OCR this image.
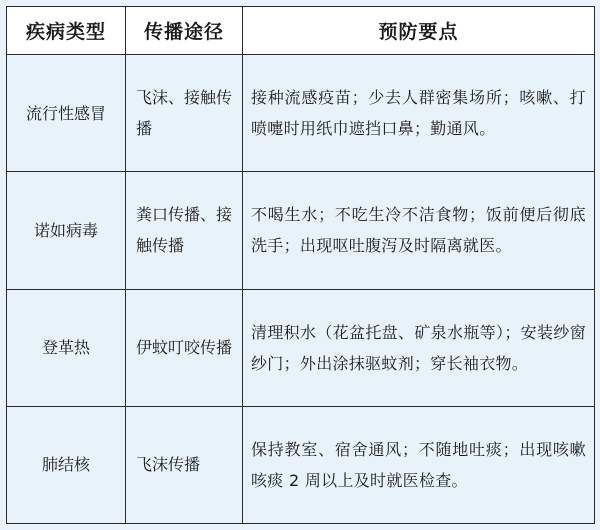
疾病类型	传播途径	预防要点
流行性感冒	飞沫、接触传播	接种流感疫苗；少去人群密集场所；咳嗽、打喷嚏时用纸巾遮挡口鼻；勤通风。
诺如病毒	粪口传播、接触传播	不喝生水；不吃生冷不洁食物；饭前便后彻底洗手；出现呕吐腹泻及时隔离就医。
登革热	伊蚊叮咬传播	清理积水（花盆托盘、矿泉水瓶等）；安装纱窗纱门；外出涂抹驱蚊剂；穿长袖衣物。
肺结核	飞沫传播	保持教室、宿舍通风；不随地吐痰；出现咳嗽咳痰 2 周以上及时就医检查。
